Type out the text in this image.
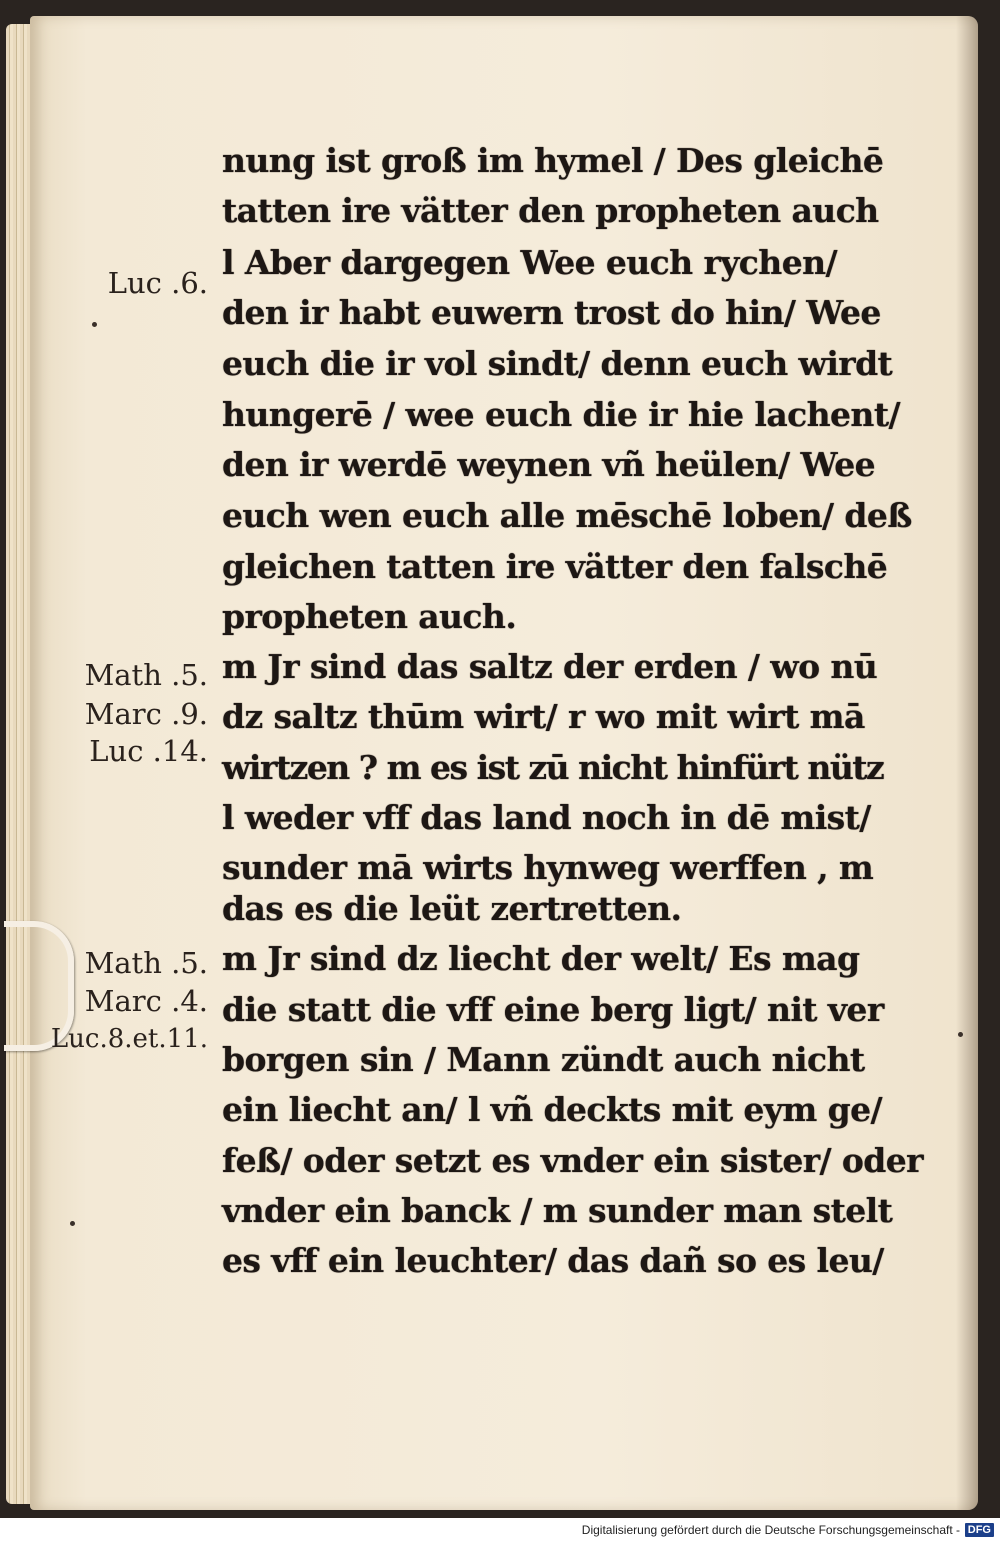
nung ist groß im hymel / Des gleichē
tatten ire vätter den propheten auch
l Aber dargegen Wee euch rychen/
den ir habt euwern trost do hin/ Wee
euch die ir vol sindt/ denn euch wirdt
hungerē / wee euch die ir hie lachent/
den ir werdē weynen vñ heülen/ Wee
euch wen euch alle mēschē loben/ deß
gleichen tatten ire vätter den falschē
propheten auch.
m Jr sind das saltz der erden / wo nū
dz saltz thūm wirt/ r wo mit wirt mā
wirtzen ? m es ist zū nicht hinfürt nütz
l weder vff das land noch in dē mist/
sunder mā wirts hynweg werffen , m
das es die leüt zertretten.
m Jr sind dz liecht der welt/ Es mag
die statt die vff eine berg ligt/ nit ver
borgen sin / Mann zündt auch nicht
ein liecht an/ l vñ deckts mit eym ge/
feß/ oder setzt es vnder ein sister/ oder
vnder ein banck / m sunder man stelt
es vff ein leuchter/ das dañ so es leu/
Luc .6.
Math .5.
Marc .9.
Luc .14.
Math .5.
Marc .4.
Luc.8.et.11.
Digitalisierung gefördert durch die Deutsche Forschungsgemeinschaft - DFG
